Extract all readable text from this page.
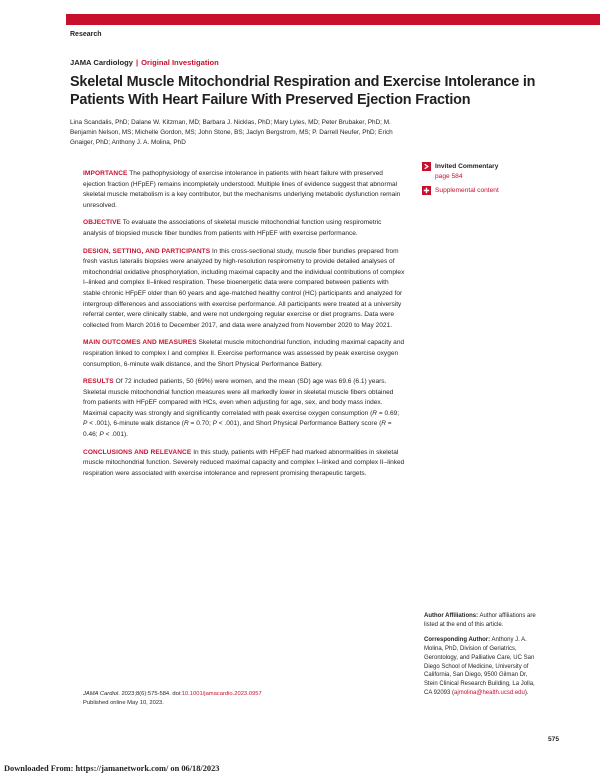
Research
JAMA Cardiology | Original Investigation
Skeletal Muscle Mitochondrial Respiration and Exercise Intolerance in Patients With Heart Failure With Preserved Ejection Fraction
Lina Scandalis, PhD; Dalane W. Kitzman, MD; Barbara J. Nicklas, PhD; Mary Lyles, MD; Peter Brubaker, PhD; M. Benjamin Nelson, MS; Michelle Gordon, MS; John Stone, BS; Jaclyn Bergstrom, MS; P. Darrell Neufer, PhD; Erich Gnaiger, PhD; Anthony J. A. Molina, PhD
Invited Commentary
page 584
Supplemental content

IMPORTANCE The pathophysiology of exercise intolerance in patients with heart failure with preserved ejection fraction (HFpEF) remains incompletely understood. Multiple lines of evidence suggest that abnormal skeletal muscle metabolism is a key contributor, but the mechanisms underlying metabolic dysfunction remain unresolved.

OBJECTIVE To evaluate the associations of skeletal muscle mitochondrial function using respirometric analysis of biopsied muscle fiber bundles from patients with HFpEF with exercise performance.

DESIGN, SETTING, AND PARTICIPANTS In this cross-sectional study, muscle fiber bundles prepared from fresh vastus lateralis biopsies were analyzed by high-resolution respirometry to provide detailed analyses of mitochondrial oxidative phosphorylation, including maximal capacity and the individual contributions of complex I–linked and complex II–linked respiration. These bioenergetic data were compared between patients with stable chronic HFpEF older than 60 years and age-matched healthy control (HC) participants and analyzed for intergroup differences and associations with exercise performance. All participants were treated at a university referral center, were clinically stable, and were not undergoing regular exercise or diet programs. Data were collected from March 2016 to December 2017, and data were analyzed from November 2020 to May 2021.

MAIN OUTCOMES AND MEASURES Skeletal muscle mitochondrial function, including maximal capacity and respiration linked to complex I and complex II. Exercise performance was assessed by peak exercise oxygen consumption, 6-minute walk distance, and the Short Physical Performance Battery.

RESULTS Of 72 included patients, 50 (69%) were women, and the mean (SD) age was 69.6 (6.1) years. Skeletal muscle mitochondrial function measures were all markedly lower in skeletal muscle fibers obtained from patients with HFpEF compared with HCs, even when adjusting for age, sex, and body mass index. Maximal capacity was strongly and significantly correlated with peak exercise oxygen consumption (R = 0.69; P < .001), 6-minute walk distance (R = 0.70; P < .001), and Short Physical Performance Battery score (R = 0.46; P < .001).

CONCLUSIONS AND RELEVANCE In this study, patients with HFpEF had marked abnormalities in skeletal muscle mitochondrial function. Severely reduced maximal capacity and complex I–linked and complex II–linked respiration were associated with exercise intolerance and represent promising therapeutic targets.

JAMA Cardiol. 2023;8(6):575-584. doi:10.1001/jamacardio.2023.0957
Published online May 10, 2023.

Author Affiliations: Author affiliations are listed at the end of this article.

Corresponding Author: Anthony J. A. Molina, PhD, Division of Geriatrics, Gerontology, and Palliative Care, UC San Diego School of Medicine, University of California, San Diego, 9500 Gilman Dr, Stein Clinical Research Building, La Jolla, CA 92093 (ajmolina@health.ucsd.edu).

575
Downloaded From: https://jamanetwork.com/ on 06/18/2023
